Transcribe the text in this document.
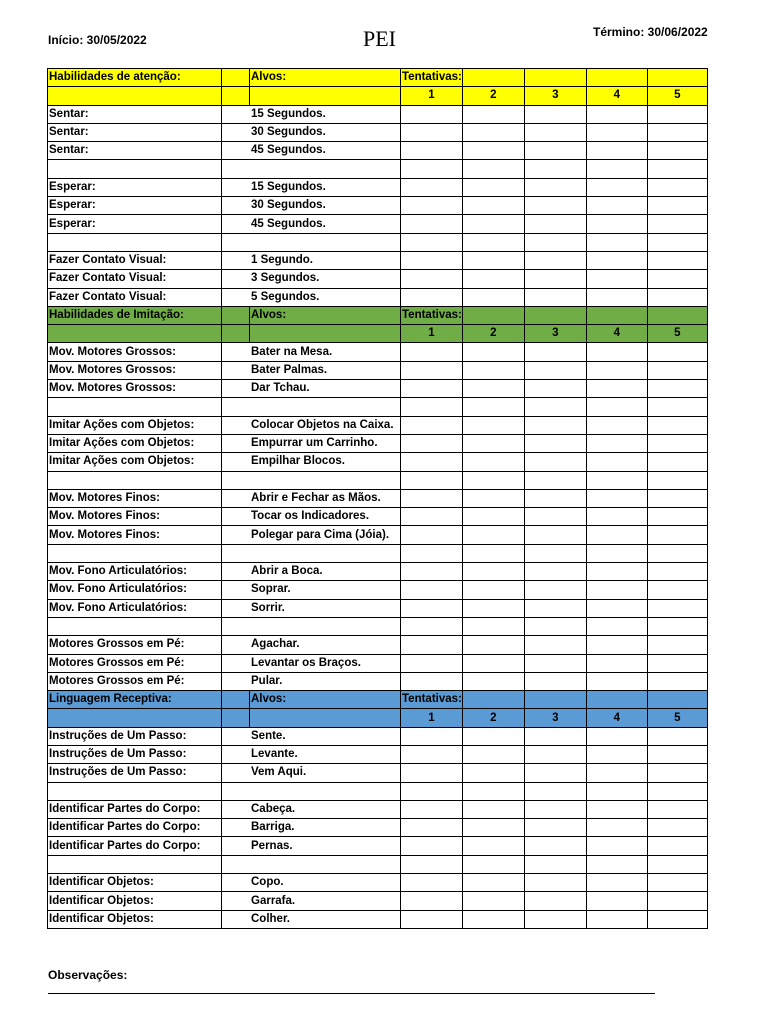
Início: 30/05/2022	PEI	Término: 30/06/2022
Habilidades de atenção:		Alvos:	Tentativas:				
			1	2	3	4	5
Sentar:	15 Segundos.						
Sentar:	30 Segundos.						
Sentar:	45 Segundos.						

Esperar:	15 Segundos.						
Esperar:	30 Segundos.						
Esperar:	45 Segundos.						

Fazer Contato Visual:	1 Segundo.						
Fazer Contato Visual:	3 Segundos.						
Fazer Contato Visual:	5 Segundos.						
Habilidades de Imitação:		Alvos:	Tentativas:				
			1	2	3	4	5
Mov. Motores Grossos:	Bater na Mesa.						
Mov. Motores Grossos:	Bater Palmas.						
Mov. Motores Grossos:	Dar Tchau.						

Imitar Ações com Objetos:	Colocar Objetos na Caixa.						
Imitar Ações com Objetos:	Empurrar um Carrinho.						
Imitar Ações com Objetos:	Empilhar Blocos.						

Mov. Motores Finos:	Abrir e Fechar as Mãos.						
Mov. Motores Finos:	Tocar os Indicadores.						
Mov. Motores Finos:	Polegar para Cima (Jóia).						

Mov. Fono Articulatórios:	Abrir a Boca.						
Mov. Fono Articulatórios:	Soprar.						
Mov. Fono Articulatórios:	Sorrir.						

Motores Grossos em Pé:	Agachar.						
Motores Grossos em Pé:	Levantar os Braços.						
Motores Grossos em Pé:	Pular.						
Linguagem Receptiva:		Alvos:	Tentativas:				
			1	2	3	4	5
Instruções de Um Passo:	Sente.						
Instruções de Um Passo:	Levante.						
Instruções de Um Passo:	Vem Aqui.						

Identificar Partes do Corpo:	Cabeça.						
Identificar Partes do Corpo:	Barriga.						
Identificar Partes do Corpo:	Pernas.						

Identificar Objetos:	Copo.						
Identificar Objetos:	Garrafa.						
Identificar Objetos:	Colher.						
Observações:
